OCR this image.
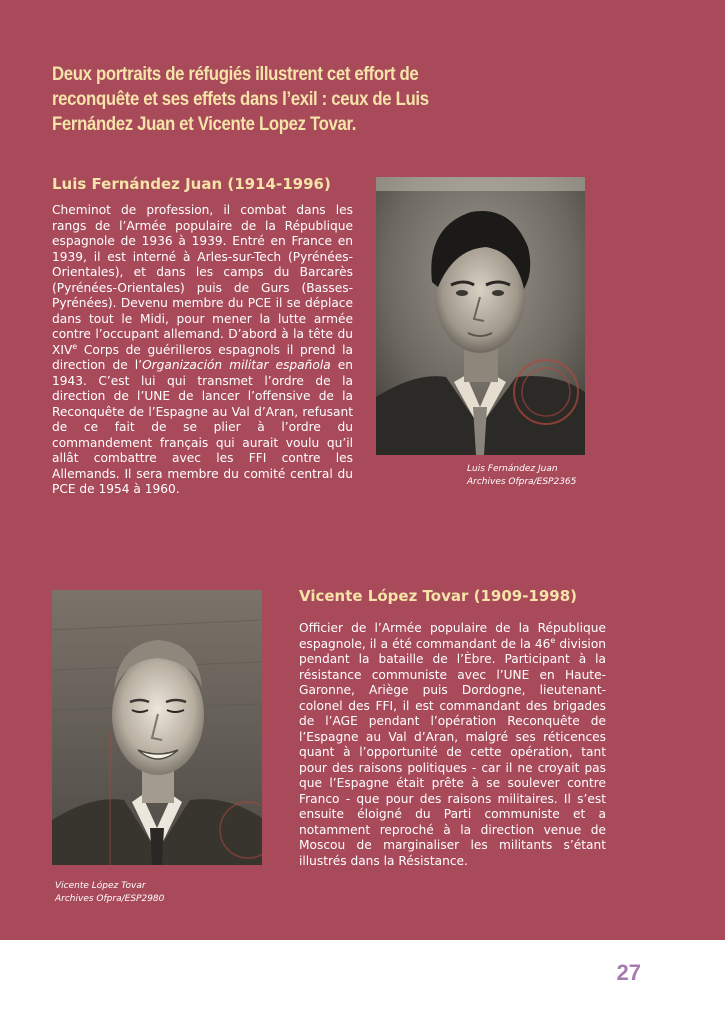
Deux portraits de réfugiés illustrent cet effort de reconquête et ses effets dans l’exil : ceux de Luis Fernández Juan et Vicente Lopez Tovar.
Luis Fernández Juan (1914-1996)

Cheminot de profession, il combat dans les rangs de l’Armée populaire de la République espagnole de 1936 à 1939. Entré en France en 1939, il est interné à Arles-sur-Tech (Pyrénées-Orientales), et dans les camps du Barcarès (Pyrénées-Orientales) puis de Gurs (Basses-Pyrénées). Devenu membre du PCE il se déplace dans tout le Midi, pour mener la lutte armée contre l’occupant allemand. D’abord à la tête du XIVe Corps de guérilleros espagnols il prend la direction de l’Organización militar española en 1943. C’est lui qui transmet l’ordre de la direction de l’UNE de lancer l’offensive de la Reconquête de l’Espagne au Val d’Aran, refusant de ce fait de se plier à l’ordre du commandement français qui aurait voulu qu’il allât combattre avec les FFI contre les Allemands. Il sera membre du comité central du PCE de 1954 à 1960.

Luis Fernández Juan
Archives Ofpra/ESP2365
Vicente López Tovar
Archives Ofpra/ESP2980
Vicente López Tovar (1909-1998)

Officier de l’Armée populaire de la République espagnole, il a été commandant de la 46e division pendant la bataille de l’Èbre. Participant à la résistance communiste avec l’UNE en Haute-Garonne, Ariège puis Dordogne, lieutenant-colonel des FFI, il est commandant des brigades de l’AGE pendant l’opération Reconquête de l’Espagne au Val d’Aran, malgré ses réticences quant à l’opportunité de cette opération, tant pour des raisons politiques - car il ne croyait pas que l’Espagne était prête à se soulever contre Franco - que pour des raisons militaires. Il s’est ensuite éloigné du Parti communiste et a notamment reproché à la direction venue de Moscou de marginaliser les militants s’étant illustrés dans la Résistance.

27
